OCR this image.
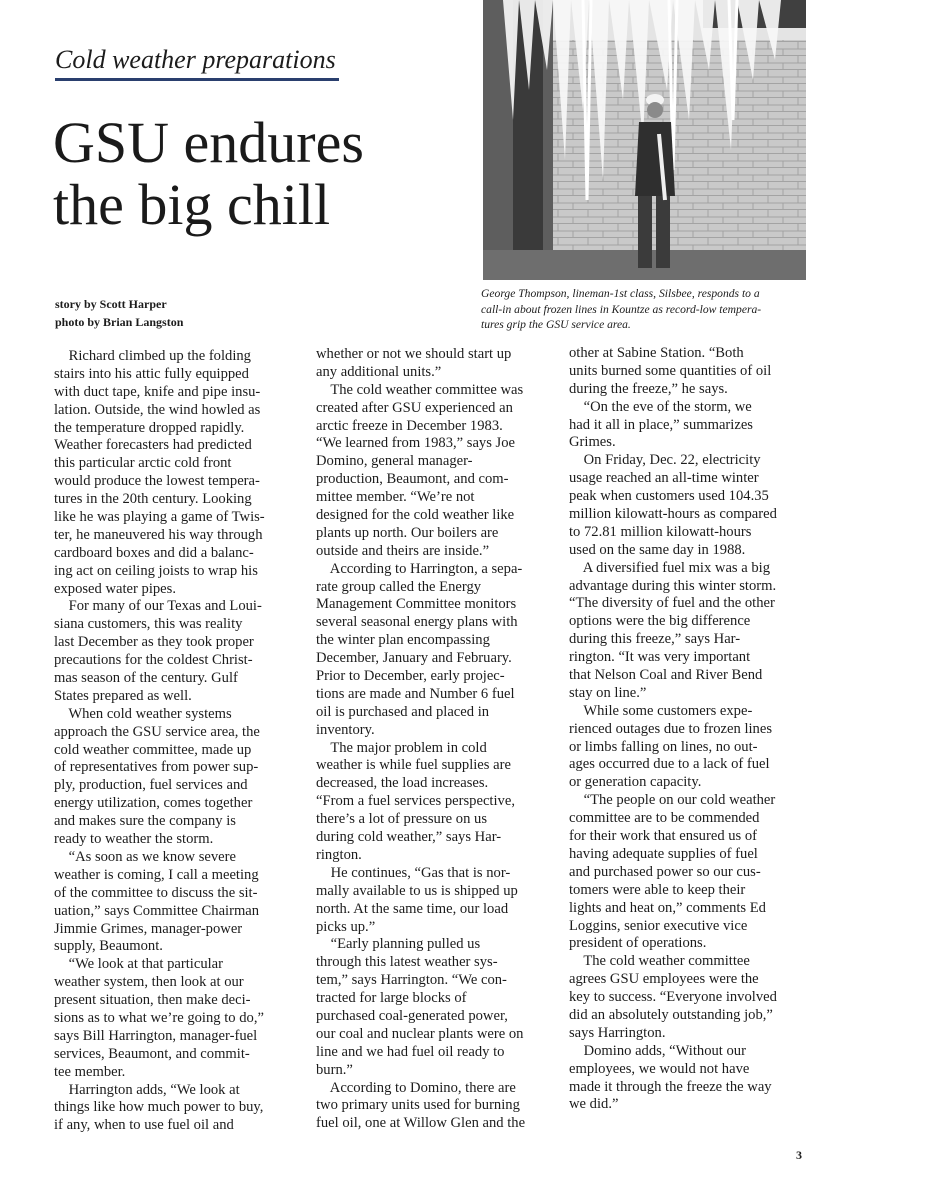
Cold weather preparations
GSU endures
the big chill
story by Scott Harper
photo by Brian Langston
George Thompson, lineman-1st class, Silsbee, responds to a
call-in about frozen lines in Kountze as record-low tempera-
tures grip the GSU service area.
Richard climbed up the folding
stairs into his attic fully equipped
with duct tape, knife and pipe insu-
lation. Outside, the wind howled as
the temperature dropped rapidly.
Weather forecasters had predicted
this particular arctic cold front
would produce the lowest tempera-
tures in the 20th century. Looking
like he was playing a game of Twis-
ter, he maneuvered his way through
cardboard boxes and did a balanc-
ing act on ceiling joists to wrap his
exposed water pipes.
For many of our Texas and Loui-
siana customers, this was reality
last December as they took proper
precautions for the coldest Christ-
mas season of the century. Gulf
States prepared as well.
When cold weather systems
approach the GSU service area, the
cold weather committee, made up
of representatives from power sup-
ply, production, fuel services and
energy utilization, comes together
and makes sure the company is
ready to weather the storm.
“As soon as we know severe
weather is coming, I call a meeting
of the committee to discuss the sit-
uation,” says Committee Chairman
Jimmie Grimes, manager-power
supply, Beaumont.
“We look at that particular
weather system, then look at our
present situation, then make deci-
sions as to what we’re going to do,”
says Bill Harrington, manager-fuel
services, Beaumont, and commit-
tee member.
Harrington adds, “We look at
things like how much power to buy,
if any, when to use fuel oil and
whether or not we should start up
any additional units.”
The cold weather committee was
created after GSU experienced an
arctic freeze in December 1983.
“We learned from 1983,” says Joe
Domino, general manager-
production, Beaumont, and com-
mittee member. “We’re not
designed for the cold weather like
plants up north. Our boilers are
outside and theirs are inside.”
According to Harrington, a sepa-
rate group called the Energy
Management Committee monitors
several seasonal energy plans with
the winter plan encompassing
December, January and February.
Prior to December, early projec-
tions are made and Number 6 fuel
oil is purchased and placed in
inventory.
The major problem in cold
weather is while fuel supplies are
decreased, the load increases.
“From a fuel services perspective,
there’s a lot of pressure on us
during cold weather,” says Har-
rington.
He continues, “Gas that is nor-
mally available to us is shipped up
north. At the same time, our load
picks up.”
“Early planning pulled us
through this latest weather sys-
tem,” says Harrington. “We con-
tracted for large blocks of
purchased coal-generated power,
our coal and nuclear plants were on
line and we had fuel oil ready to
burn.”
According to Domino, there are
two primary units used for burning
fuel oil, one at Willow Glen and the
other at Sabine Station. “Both
units burned some quantities of oil
during the freeze,” he says.
“On the eve of the storm, we
had it all in place,” summarizes
Grimes.
On Friday, Dec. 22, electricity
usage reached an all-time winter
peak when customers used 104.35
million kilowatt-hours as compared
to 72.81 million kilowatt-hours
used on the same day in 1988.
A diversified fuel mix was a big
advantage during this winter storm.
“The diversity of fuel and the other
options were the big difference
during this freeze,” says Har-
rington. “It was very important
that Nelson Coal and River Bend
stay on line.”
While some customers expe-
rienced outages due to frozen lines
or limbs falling on lines, no out-
ages occurred due to a lack of fuel
or generation capacity.
“The people on our cold weather
committee are to be commended
for their work that ensured us of
having adequate supplies of fuel
and purchased power so our cus-
tomers were able to keep their
lights and heat on,” comments Ed
Loggins, senior executive vice
president of operations.
The cold weather committee
agrees GSU employees were the
key to success. “Everyone involved
did an absolutely outstanding job,”
says Harrington.
Domino adds, “Without our
employees, we would not have
made it through the freeze the way
we did.”
3
